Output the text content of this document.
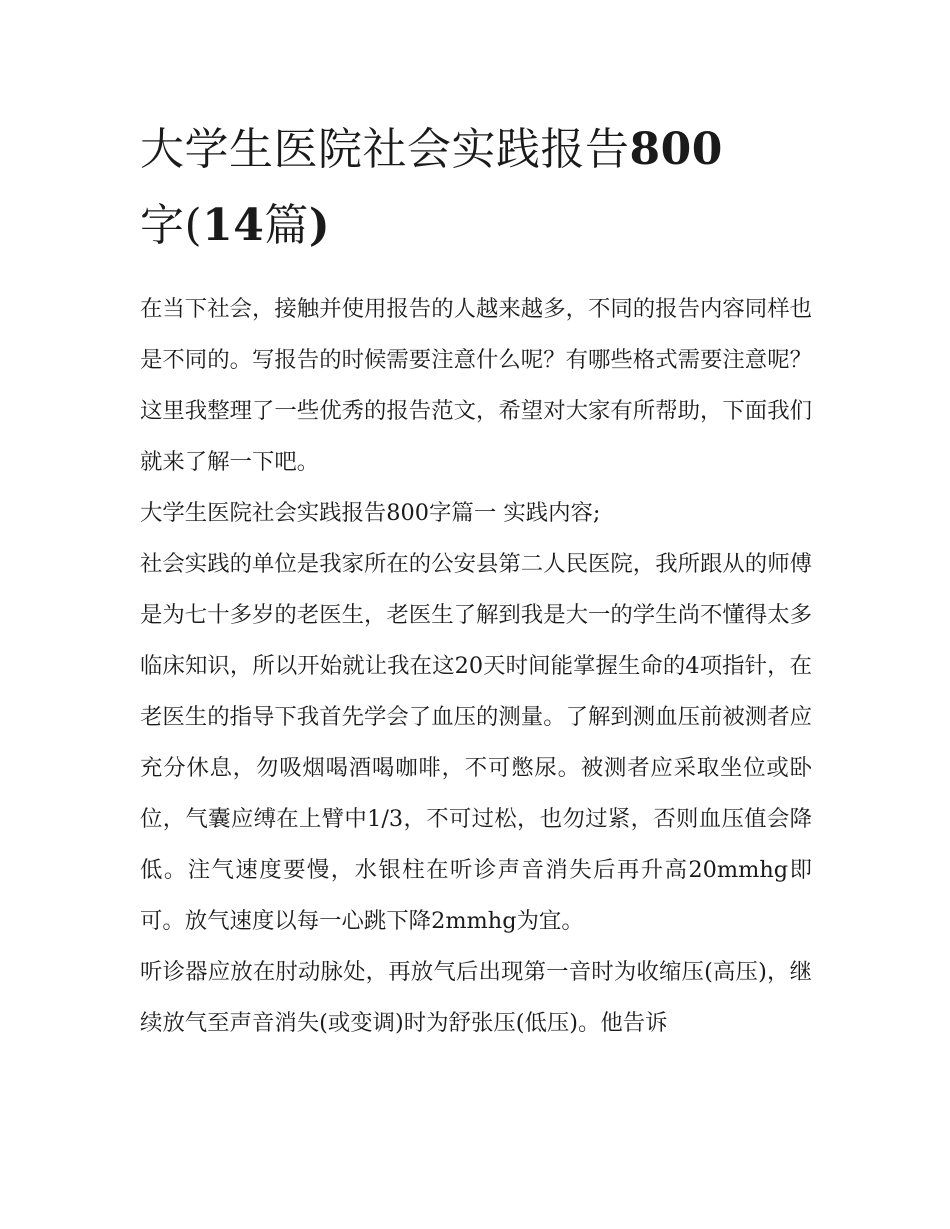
大学生医院社会实践报告800
字(14篇)

在当下社会，接触并使用报告的人越来越多，不同的报告内容同样也是不同的。写报告的时候需要注意什么呢？有哪些格式需要注意呢？这里我整理了一些优秀的报告范文，希望对大家有所帮助，下面我们就来了解一下吧。

大学生医院社会实践报告800字篇一 实践内容;

社会实践的单位是我家所在的公安县第二人民医院，我所跟从的师傅是为七十多岁的老医生，老医生了解到我是大一的学生尚不懂得太多临床知识，所以开始就让我在这20天时间能掌握生命的4项指针，在老医生的指导下我首先学会了血压的测量。了解到测血压前被测者应充分休息，勿吸烟喝酒喝咖啡，不可憋尿。被测者应采取坐位或卧位，气囊应缚在上臂中1/3，不可过松，也勿过紧，否则血压值会降低。注气速度要慢，水银柱在听诊声音消失后再升高20mmhg即可。放气速度以每一心跳下降2mmhg为宜。

听诊器应放在肘动脉处，再放气后出现第一音时为收缩压(高压)，继续放气至声音消失(或变调)时为舒张压(低压)。他告诉
